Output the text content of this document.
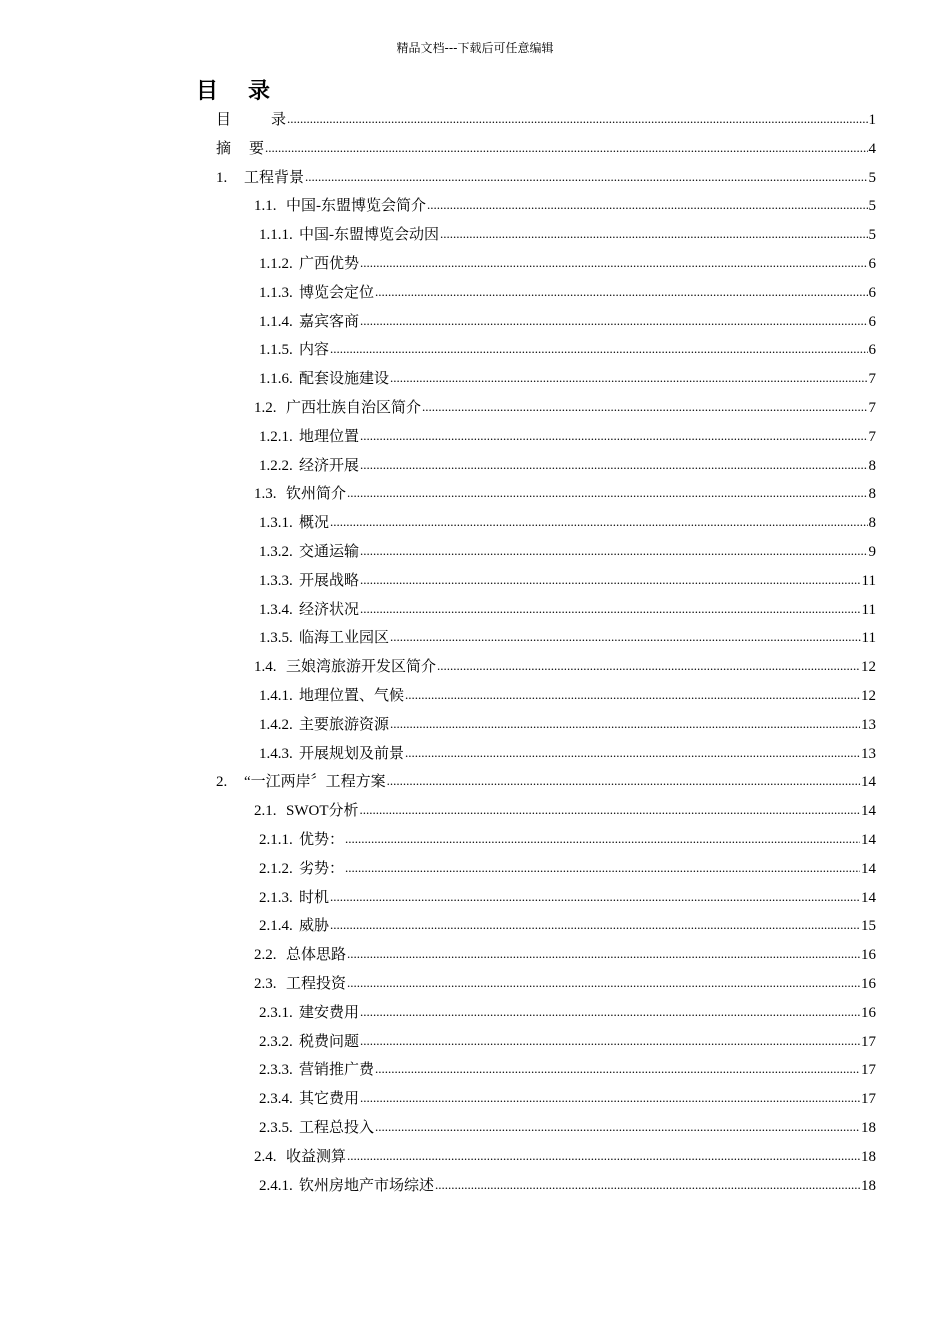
精品文档---下载后可任意编辑
目录
目	录 .....	1
摘 要 .....	4
1.	工程背景 .....	5
1.1. 中国-东盟博览会简介 .....	5
1.1.1. 中国-东盟博览会动因 .....	5
1.1.2. 广西优势 .....	6
1.1.3. 博览会定位 .....	6
1.1.4. 嘉宾客商 .....	6
1.1.5. 内容 .....	6
1.1.6. 配套设施建设 .....	7
1.2. 广西壮族自治区简介 .....	7
1.2.1. 地理位置 .....	7
1.2.2. 经济开展 .....	8
1.3. 钦州简介 .....	8
1.3.1. 概况 .....	8
1.3.2. 交通运输 .....	9
1.3.3. 开展战略 .....	11
1.3.4. 经济状况 .....	11
1.3.5. 临海工业园区 .....	11
1.4. 三娘湾旅游开发区简介 .....	12
1.4.1. 地理位置、气候 .....	12
1.4.2. 主要旅游资源 .....	13
1.4.3. 开展规划及前景 .....	13
2.	“一江两岸〞工程方案 .....	14
2.1. SWOT分析 .....	14
2.1.1. 优势： .....	14
2.1.2. 劣势： .....	14
2.1.3. 时机 .....	14
2.1.4. 威胁 .....	15
2.2. 总体思路 .....	16
2.3. 工程投资 .....	16
2.3.1. 建安费用 .....	16
2.3.2. 税费问题 .....	17
2.3.3. 营销推广费 .....	17
2.3.4. 其它费用 .....	17
2.3.5. 工程总投入 .....	18
2.4. 收益测算 .....	18
2.4.1. 钦州房地产市场综述 .....	18
